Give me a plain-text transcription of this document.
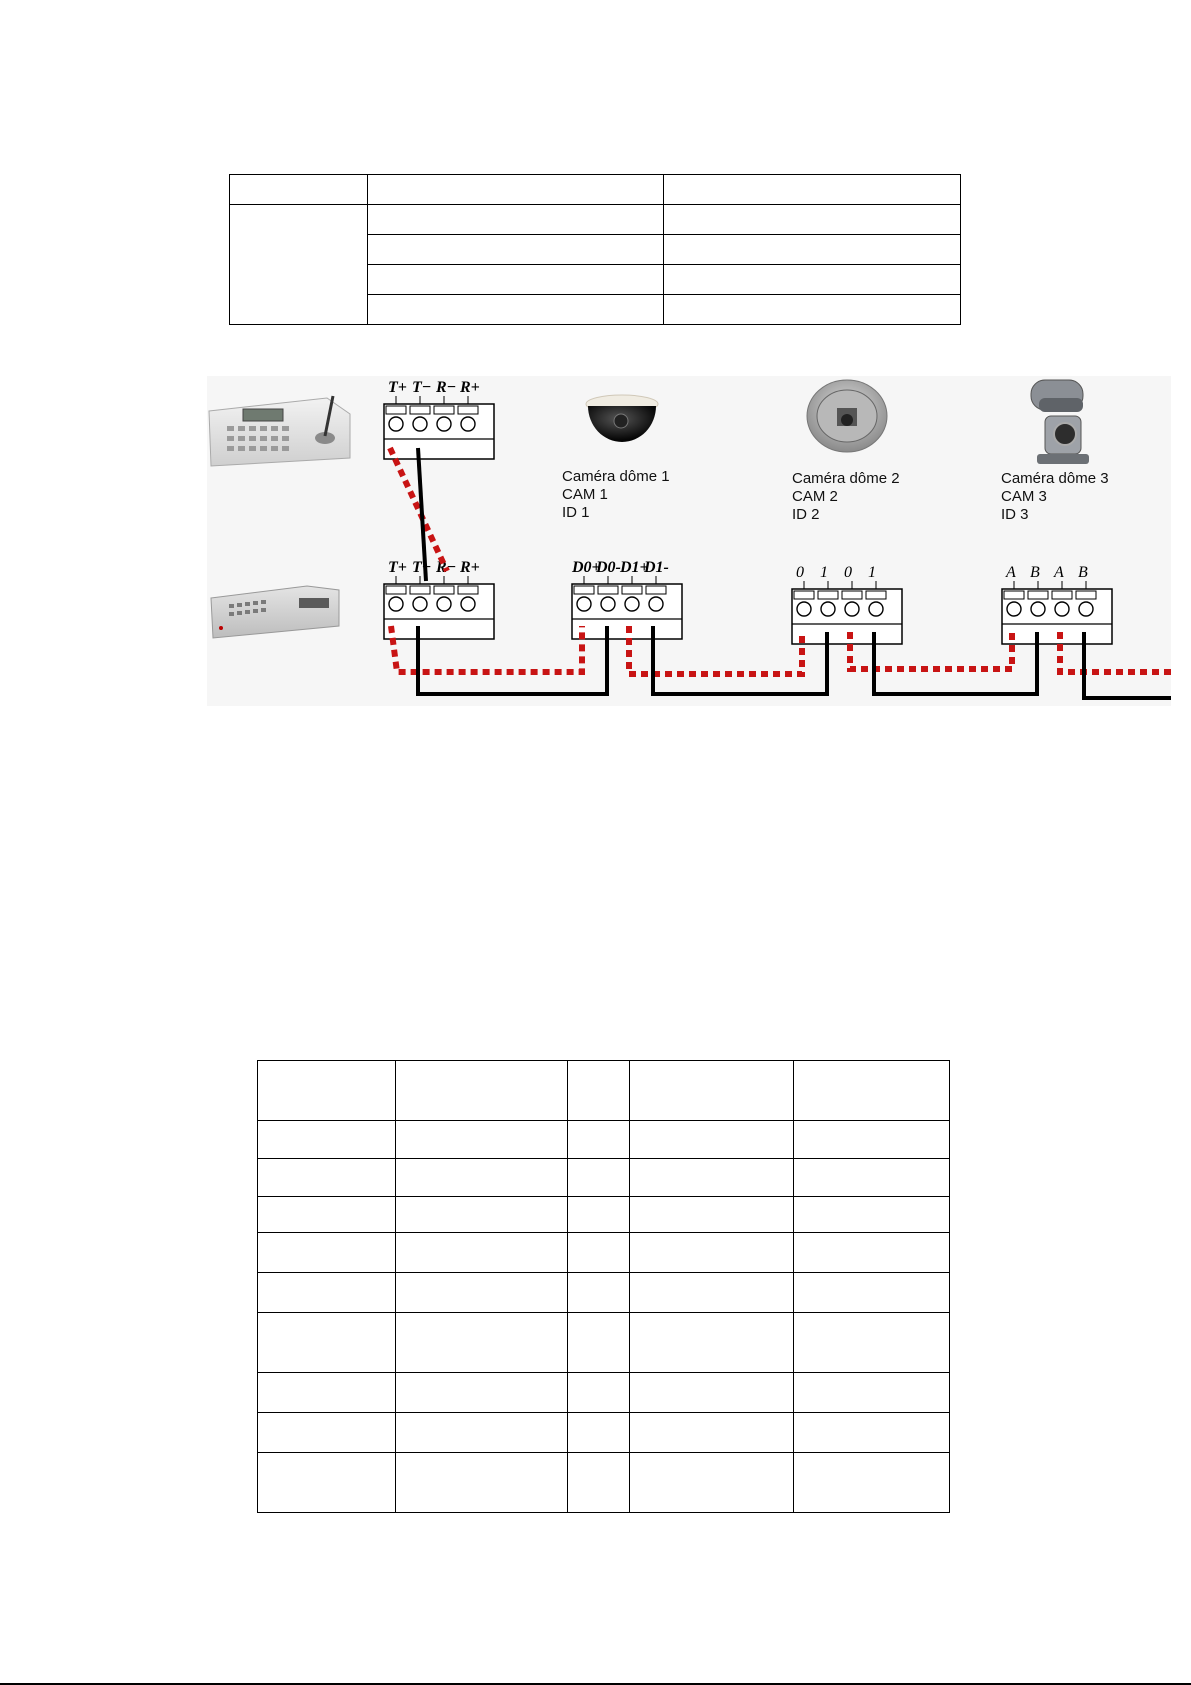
T+ T− R− R+
T+ T− R− R+	D0+
D0- D1+
D1-	0 1 0 1	A B A B
Caméra dôme 1
CAM 1
ID 1
Caméra dôme 2
CAM 2
ID 2
Caméra dôme 3
CAM 3
ID 3
